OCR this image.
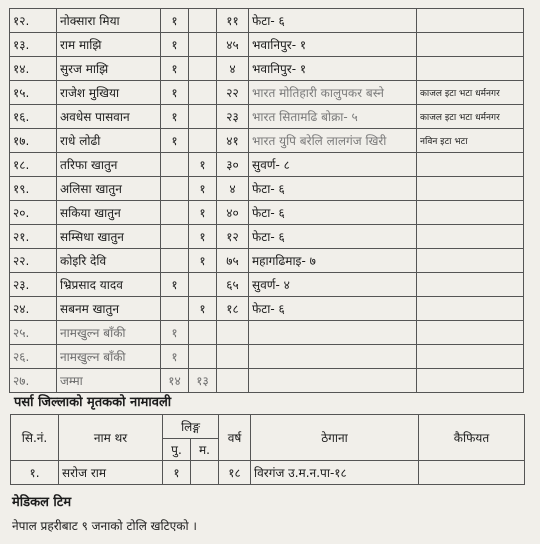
१२.	नोक्सारा मिया	१		११	फेटा- ६	
१३.	राम माझि	१		४५	भवानिपुर- १	
१४.	सुरज माझि	१		४	भवानिपुर- १	
१५.	राजेश मुखिया	१		२२	भारत मोतिहारी कालुपकर बस्ने	काजल इटा भटा धर्मनगर
१६.	अवधेस पासवान	१		२३	भारत सितामढि बोक्रा- ५	काजल इटा भटा धर्मनगर
१७.	राधे लोढी	१		४१	भारत युपि बरेलि लालगंज खिरी	नविन इटा भटा
१८.	तरिफा खातुन		१	३०	सुवर्ण- ८	
१९.	अलिसा खातुन		१	४	फेटा- ६	
२०.	सकिया खातुन		१	४०	फेटा- ६	
२१.	सम्सिधा खातुन		१	१२	फेटा- ६	
२२.	कोइरि देवि		१	७५	महागढिमाइ- ७	
२३.	भ्रिप्रसाद यादव	१		६५	सुवर्ण- ४	
२४.	सबनम खातुन		१	१८	फेटा- ६	
२५.	नामखुल्न बाँकी	१				
२६.	नामखुल्न बाँकी	१				
२७.	जम्मा	१४	१३			
पर्सा जिल्लाको मृतकको नामावली
सि.नं.	नाम थर	लिङ्ग		वर्ष	ठेगाना	कैफियत
		पु.	म.			
१.	सरोज राम	१		१८	विरगंज उ.म.न.पा-१८	
मेडिकल टिम

नेपाल प्रहरीबाट ९ जनाको टोलि खटिएको ।
